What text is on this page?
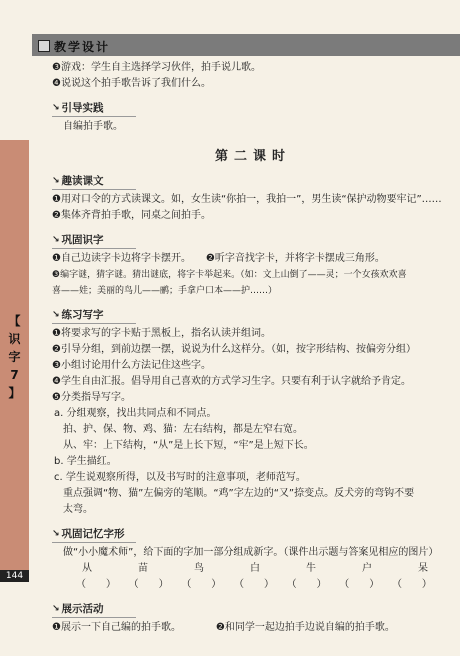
教学设计
【
识
字
7
】
144
❸游戏：学生自主选择学习伙伴，拍手说儿歌。
❹说说这个拍手歌告诉了我们什么。
↘ 引导实践
自编拍手歌。
第二课时
↘ 趣读课文
❶用对口令的方式读课文。如，女生读“你拍一，我拍一”，男生读“保护动物要牢记”……
❷集体齐背拍手歌，同桌之间拍手。
↘ 巩固识字
❶自己边读字卡边将字卡摆开。　　❷听字音找字卡，并将字卡摆成三角形。
❸编字谜，猜字谜。猜出谜底，将字卡举起来。（如：文上山倒了——灵；一个女孩欢欢喜
喜——娃；美丽的鸟儿——鹂；手拿户口本——护……）
↘ 练习写字
❶将要求写的字卡贴于黑板上，指名认读并组词。
❷引导分组，到前边摆一摆，说说为什么这样分。（如，按字形结构、按偏旁分组）
❸小组讨论用什么方法记住这些字。
❹学生自由汇报。倡导用自己喜欢的方式学习生字。只要有利于认字就给予肯定。
❺分类指导写字。
a. 分组观察，找出共同点和不同点。
拍、护、保、物、鸡、猫：左右结构，都是左窄右宽。
从、牢：上下结构，“从”是上长下短，“牢”是上短下长。
b. 学生描红。
c. 学生说观察所得，以及书写时的注意事项，老师范写。
重点强调“物、猫”左偏旁的笔顺。“鸡”字左边的“又”捺变点。反犬旁的弯钩不要
太弯。
↘ 巩固记忆字形
做“小小魔术师”，给下面的字加一部分组成新字。（课件出示题与答案见相应的图片）
从	苗	鸟	白	牛	户	呆
（　　） （　　） （　　） （　　） （　　） （　　） （　　）
↘ 展示活动
❶展示一下自己编的拍手歌。　　　　❷和同学一起边拍手边说自编的拍手歌。
